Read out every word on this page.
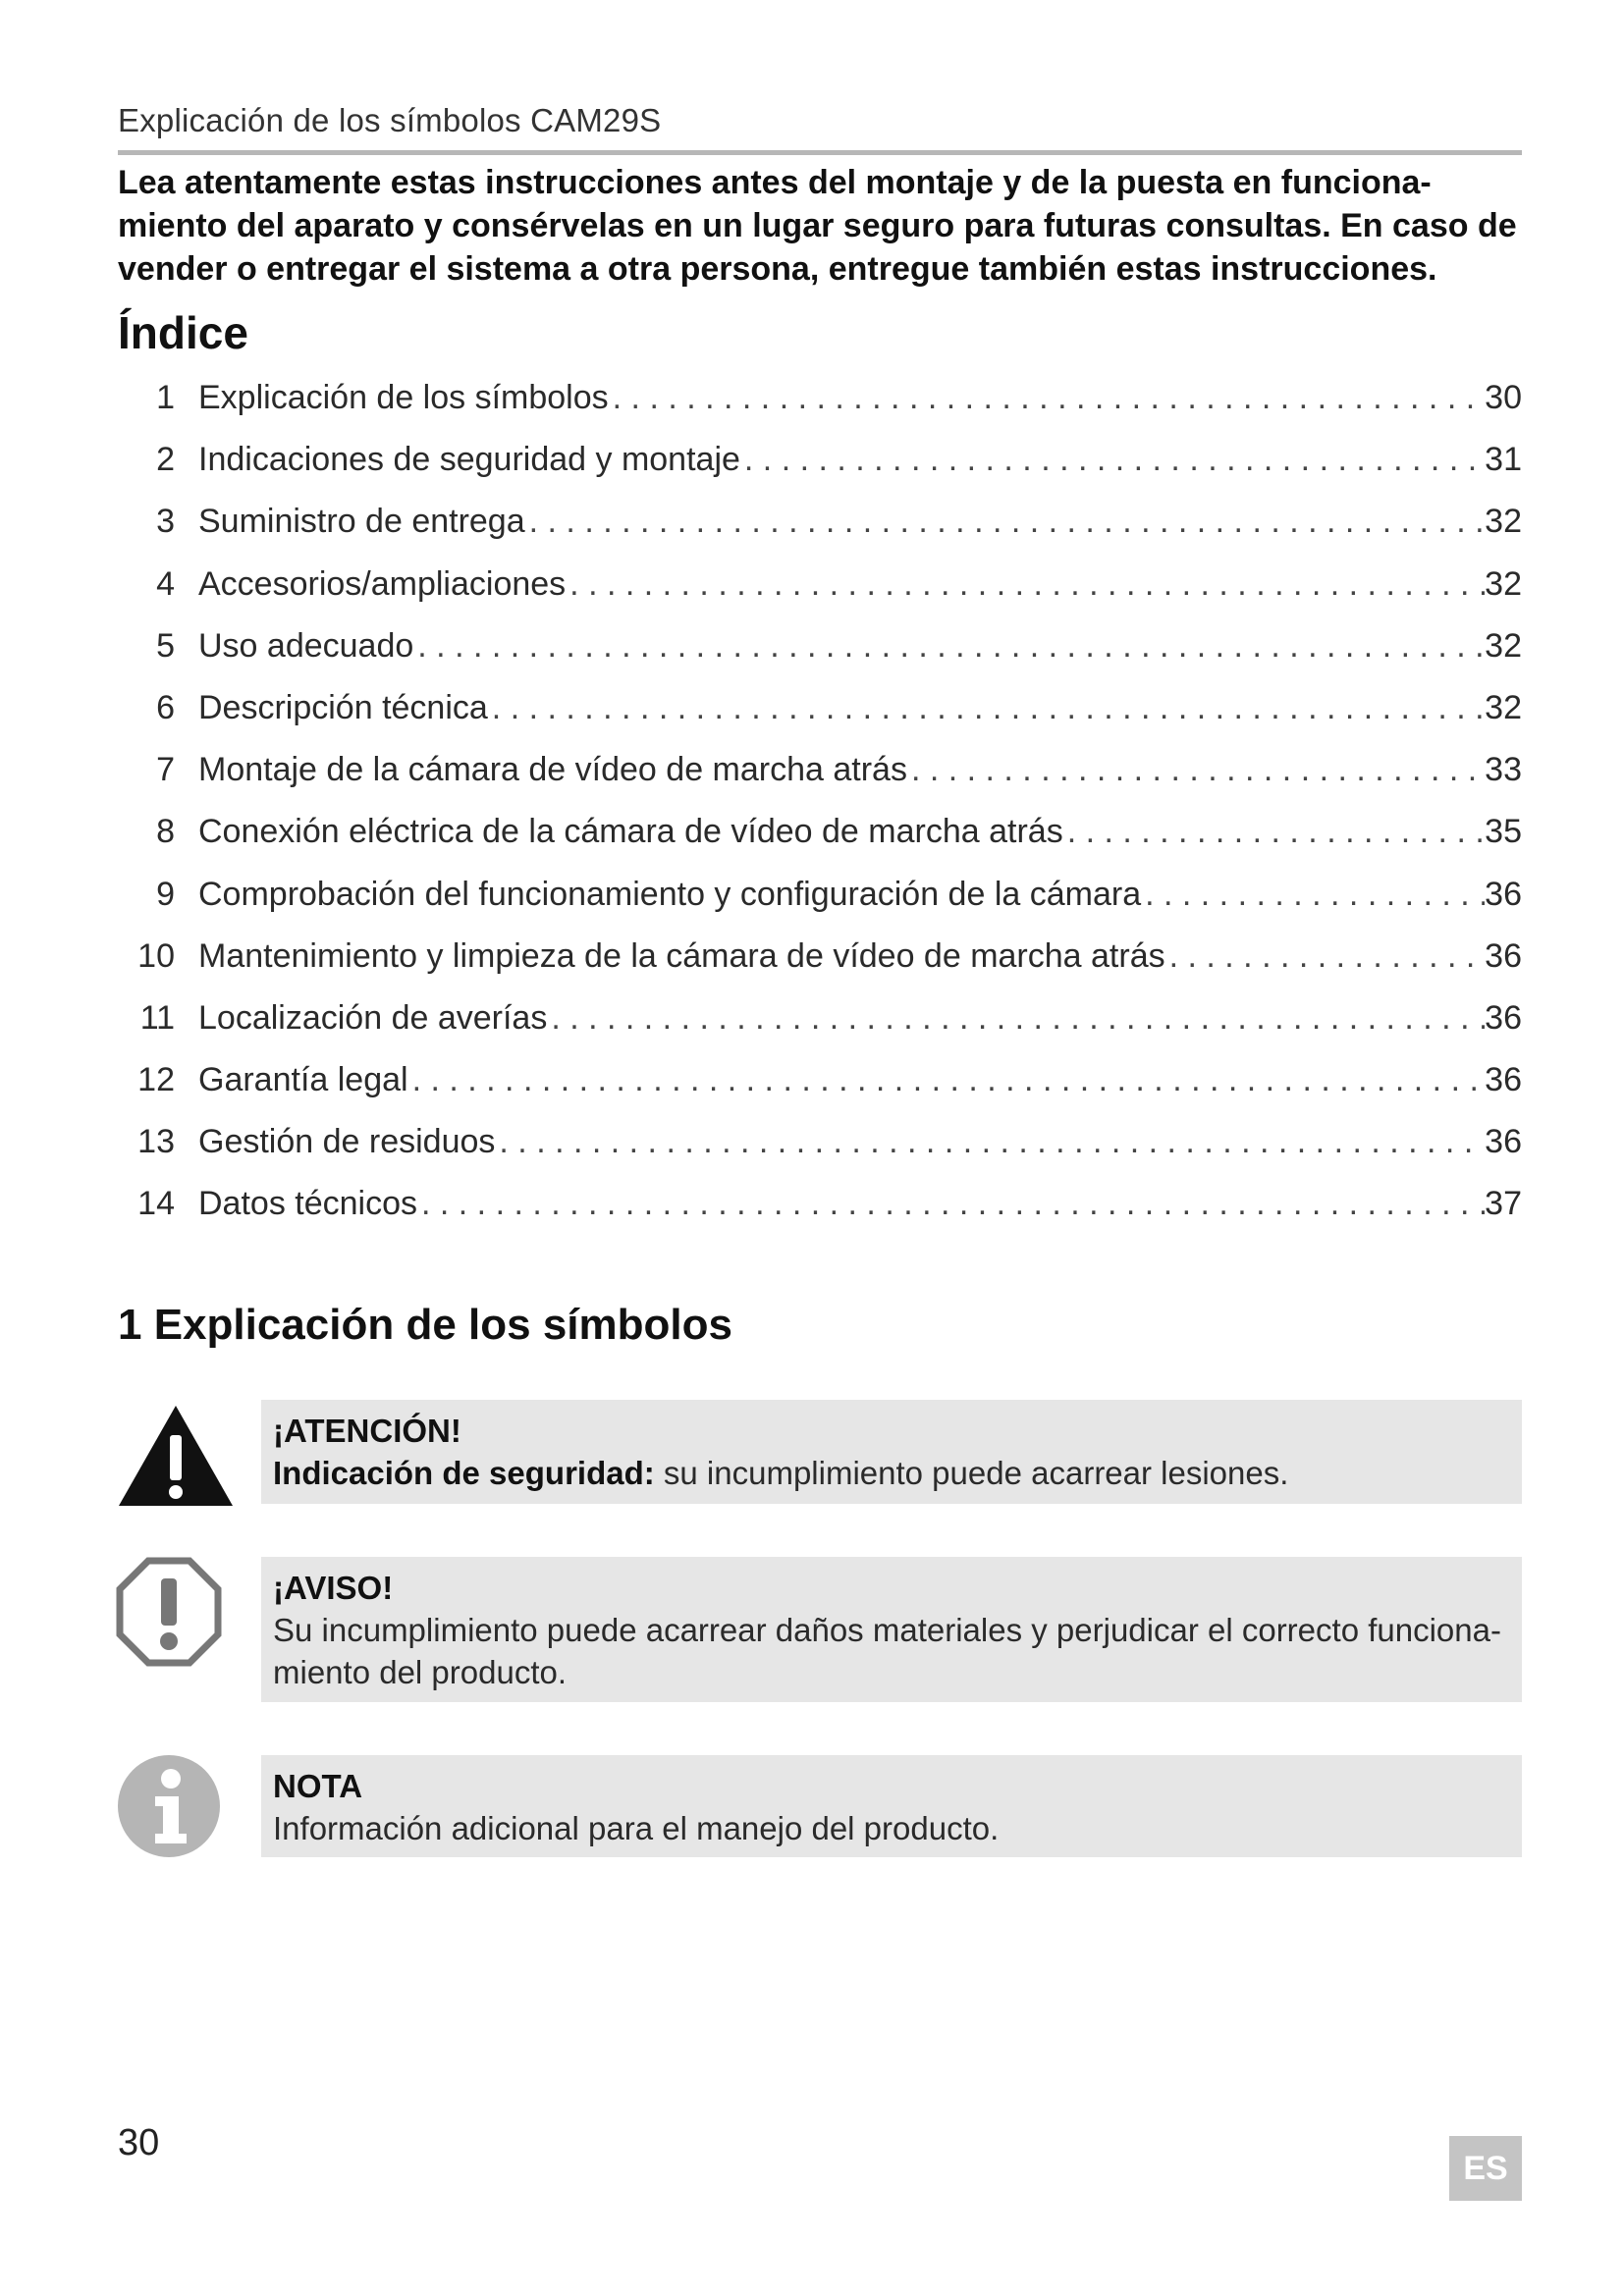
Explicación de los símbolos CAM29S

Lea atentamente estas instrucciones antes del montaje y de la puesta en funciona-miento del aparato y consérvelas en un lugar seguro para futuras consultas. En caso de vender o entregar el sistema a otra persona, entregue también estas instrucciones.

Índice
1 Explicación de los símbolos . . .	30
2 Indicaciones de seguridad y montaje . . .	31
3 Suministro de entrega . . .	32
4 Accesorios/ampliaciones . . .	32
5 Uso adecuado . . .	32
6 Descripción técnica . . .	32
7 Montaje de la cámara de vídeo de marcha atrás . . .	33
8 Conexión eléctrica de la cámara de vídeo de marcha atrás . . .	35
9 Comprobación del funcionamiento y configuración de la cámara . . .	36
10 Mantenimiento y limpieza de la cámara de vídeo de marcha atrás . . .	36
11 Localización de averías . . .	36
12 Garantía legal . . .	36
13 Gestión de residuos . . .	36
14 Datos técnicos . . .	37
1 Explicación de los símbolos
¡ATENCIÓN!
Indicación de seguridad: su incumplimiento puede acarrear lesiones.
¡AVISO!
Su incumplimiento puede acarrear daños materiales y perjudicar el correcto funciona-miento del producto.
NOTA
Información adicional para el manejo del producto.
30
ES
